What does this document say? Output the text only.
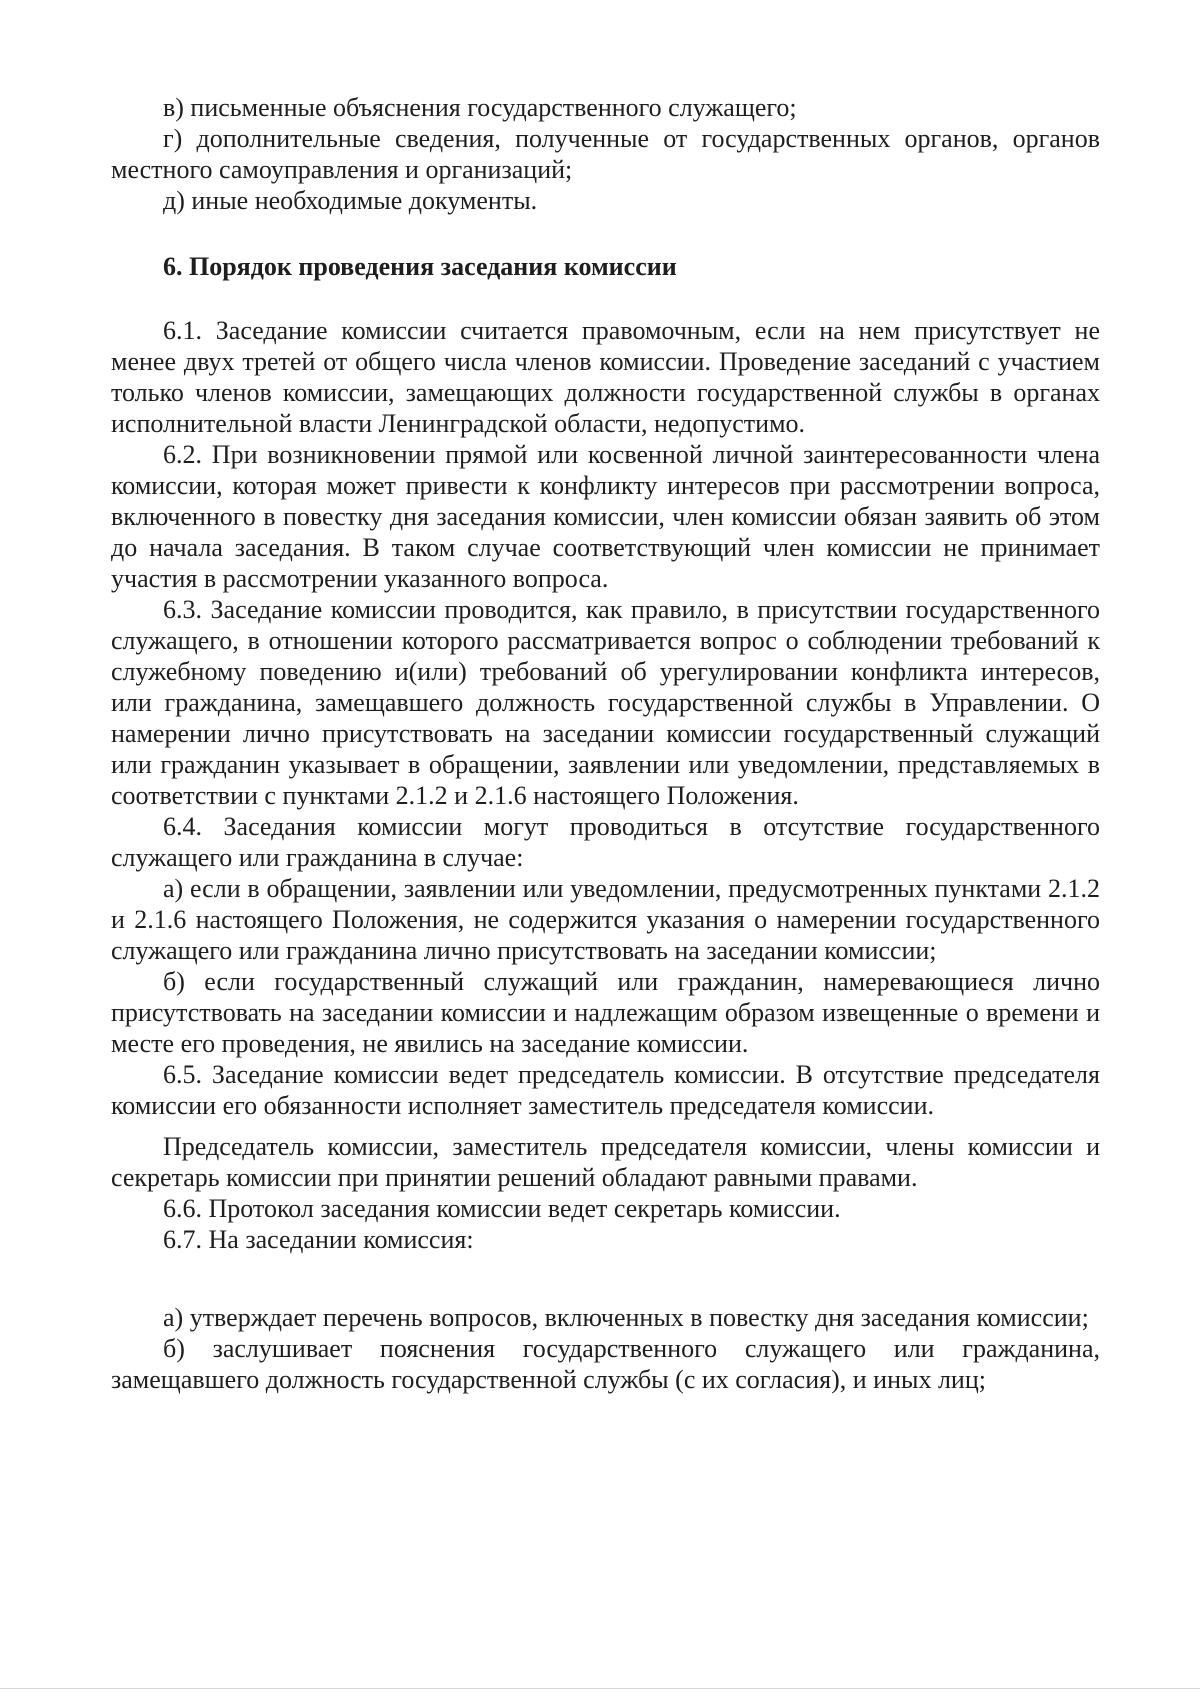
в) письменные объяснения государственного служащего;

г) дополнительные сведения, полученные от государственных органов, органов местного самоуправления и организаций;

д) иные необходимые документы.

6. Порядок проведения заседания комиссии

6.1. Заседание комиссии считается правомочным, если на нем присутствует не менее двух третей от общего числа членов комиссии. Проведение заседаний с участием только членов комиссии, замещающих должности государственной службы в органах исполнительной власти Ленинградской области, недопустимо.

6.2. При возникновении прямой или косвенной личной заинтересованности члена комиссии, которая может привести к конфликту интересов при рассмотрении вопроса, включенного в повестку дня заседания комиссии, член комиссии обязан заявить об этом до начала заседания. В таком случае соответствующий член комиссии не принимает участия в рассмотрении указанного вопроса.

6.3. Заседание комиссии проводится, как правило, в присутствии государственного служащего, в отношении которого рассматривается вопрос о соблюдении требований к служебному поведению и(или) требований об урегулировании конфликта интересов, или гражданина, замещавшего должность государственной службы в Управлении. О намерении лично присутствовать на заседании комиссии государственный служащий или гражданин указывает в обращении, заявлении или уведомлении, представляемых в соответствии с пунктами 2.1.2 и 2.1.6 настоящего Положения.

6.4. Заседания комиссии могут проводиться в отсутствие государственного служащего или гражданина в случае:

а) если в обращении, заявлении или уведомлении, предусмотренных пунктами 2.1.2 и 2.1.6 настоящего Положения, не содержится указания о намерении государственного служащего или гражданина лично присутствовать на заседании комиссии;

б) если государственный служащий или гражданин, намеревающиеся лично присутствовать на заседании комиссии и надлежащим образом извещенные о времени и месте его проведения, не явились на заседание комиссии.

6.5. Заседание комиссии ведет председатель комиссии. В отсутствие председателя комиссии его обязанности исполняет заместитель председателя комиссии.

Председатель комиссии, заместитель председателя комиссии, члены комиссии и секретарь комиссии при принятии решений обладают равными правами.

6.6. Протокол заседания комиссии ведет секретарь комиссии.

6.7. На заседании комиссия:

а) утверждает перечень вопросов, включенных в повестку дня заседания комиссии;

б) заслушивает пояснения государственного служащего или гражданина, замещавшего должность государственной службы (с их согласия), и иных лиц;
